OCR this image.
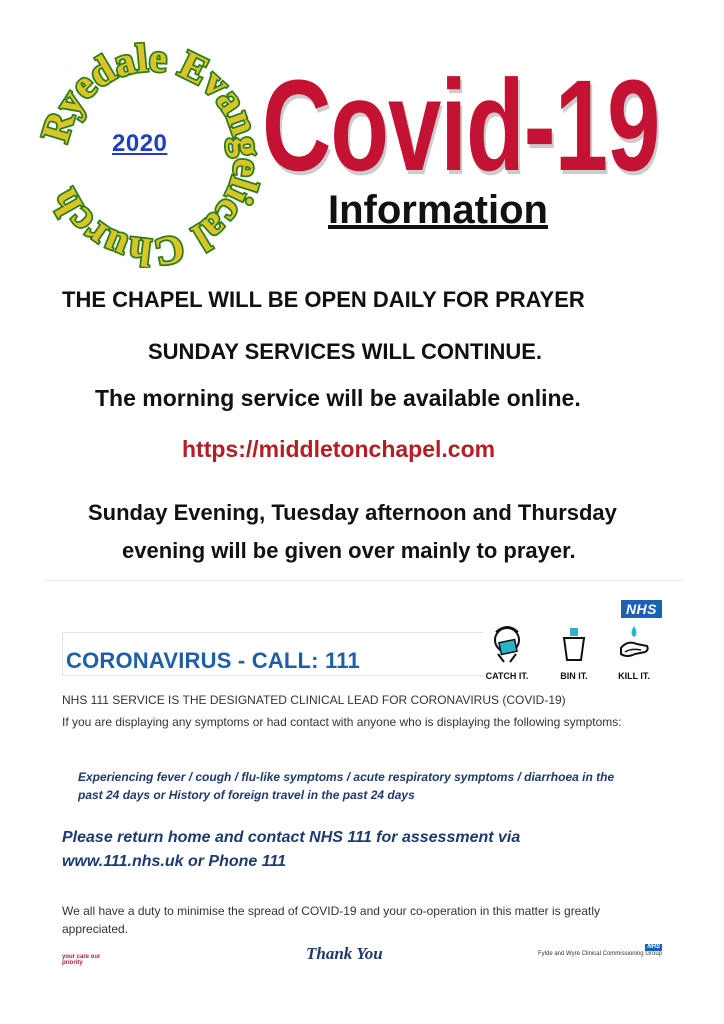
yedale Evan lical Church
2020 Covid-19
Information
THE CHAPEL WILL BE OPEN DAILY FOR PRAYER
SUNDAY SERVICES WILL CONTINUE.
The morning service will be available online.
https://middletonchapel.com
Sunday Evening, Tuesday afternoon and Thursday
evening will be given over mainly to prayer.
NHS
CORONAVIRUS - CALL: 111
CATCH IT.	BIN IT.	KILL IT.
NHS 111 SERVICE IS THE DESIGNATED CLINICAL LEAD FOR CORONAVIRUS (COVID-19)
If you are displaying any symptoms or had contact with anyone who is displaying the following symptoms:
Experiencing fever / cough / flu-like symptoms / acute respiratory symptoms / diarrhoea in the past 24 days or History of foreign travel in the past 24 days
Please return home and contact NHS 111 for assessment via www.111.nhs.uk or Phone 111
We all have a duty to minimise the spread of COVID-19 and your co-operation in this matter is greatly appreciated.
Thank You
your care our priority
NHS
Fylde and Wyre Clinical Commissioning Group
